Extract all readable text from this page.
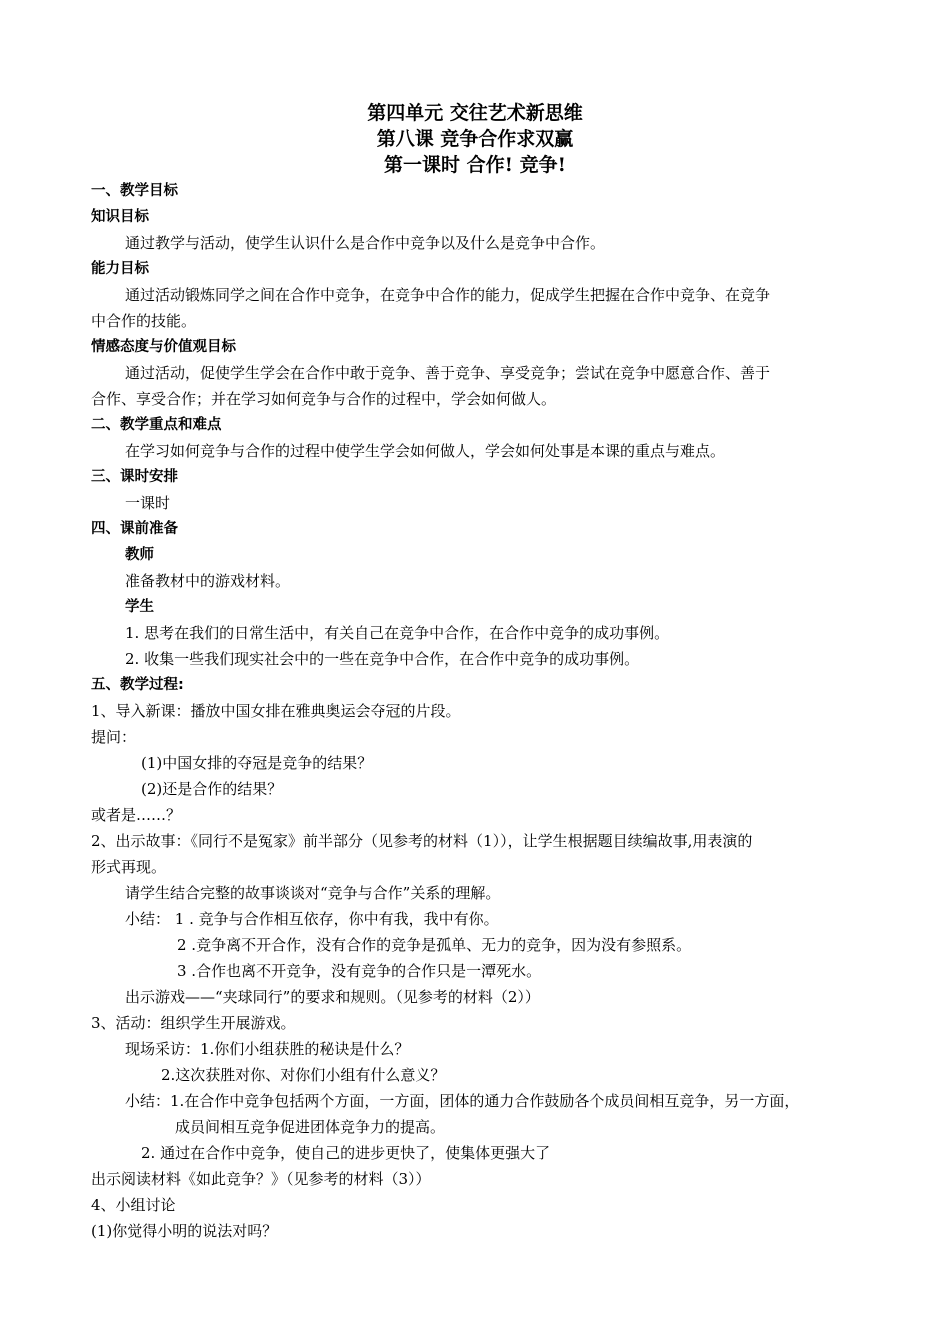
第四单元 交往艺术新思维
第八课 竞争合作求双赢
第一课时 合作! 竞争!
一、教学目标
知识目标
通过教学与活动，使学生认识什么是合作中竞争以及什么是竞争中合作。
能力目标
通过活动锻炼同学之间在合作中竞争，在竞争中合作的能力，促成学生把握在合作中竞争、在竞争
中合作的技能。
情感态度与价值观目标
通过活动，促使学生学会在合作中敢于竞争、善于竞争、享受竞争；尝试在竞争中愿意合作、善于
合作、享受合作；并在学习如何竞争与合作的过程中，学会如何做人。
二、教学重点和难点
在学习如何竞争与合作的过程中使学生学会如何做人，学会如何处事是本课的重点与难点。
三、课时安排
一课时
四、课前准备
教师
准备教材中的游戏材料。
学生
1. 思考在我们的日常生活中，有关自己在竞争中合作，在合作中竞争的成功事例。
2. 收集一些我们现实社会中的一些在竞争中合作，在合作中竞争的成功事例。
五、教学过程:
1、导入新课：播放中国女排在雅典奥运会夺冠的片段。
提问：
(1)中国女排的夺冠是竞争的结果？
(2)还是合作的结果？
或者是……？
2、出示故事：《同行不是冤家》前半部分（见参考的材料（1）），让学生根据题目续编故事,用表演的
形式再现。
请学生结合完整的故事谈谈对“竞争与合作”关系的理解。
小结： 1 . 竞争与合作相互依存，你中有我，我中有你。
2 .竞争离不开合作，没有合作的竞争是孤单、无力的竞争，因为没有参照系。
3 .合作也离不开竞争，没有竞争的合作只是一潭死水。
出示游戏——“夹球同行”的要求和规则。（见参考的材料（2））
3、活动：组织学生开展游戏。
现场采访：1.你们小组获胜的秘诀是什么？
2.这次获胜对你、对你们小组有什么意义？
小结：1.在合作中竞争包括两个方面，一方面，团体的通力合作鼓励各个成员间相互竞争，另一方面，
成员间相互竞争促进团体竞争力的提高。
2. 通过在合作中竞争，使自己的进步更快了，使集体更强大了
出示阅读材料《如此竞争？》（见参考的材料（3））
4、小组讨论
(1)你觉得小明的说法对吗？
